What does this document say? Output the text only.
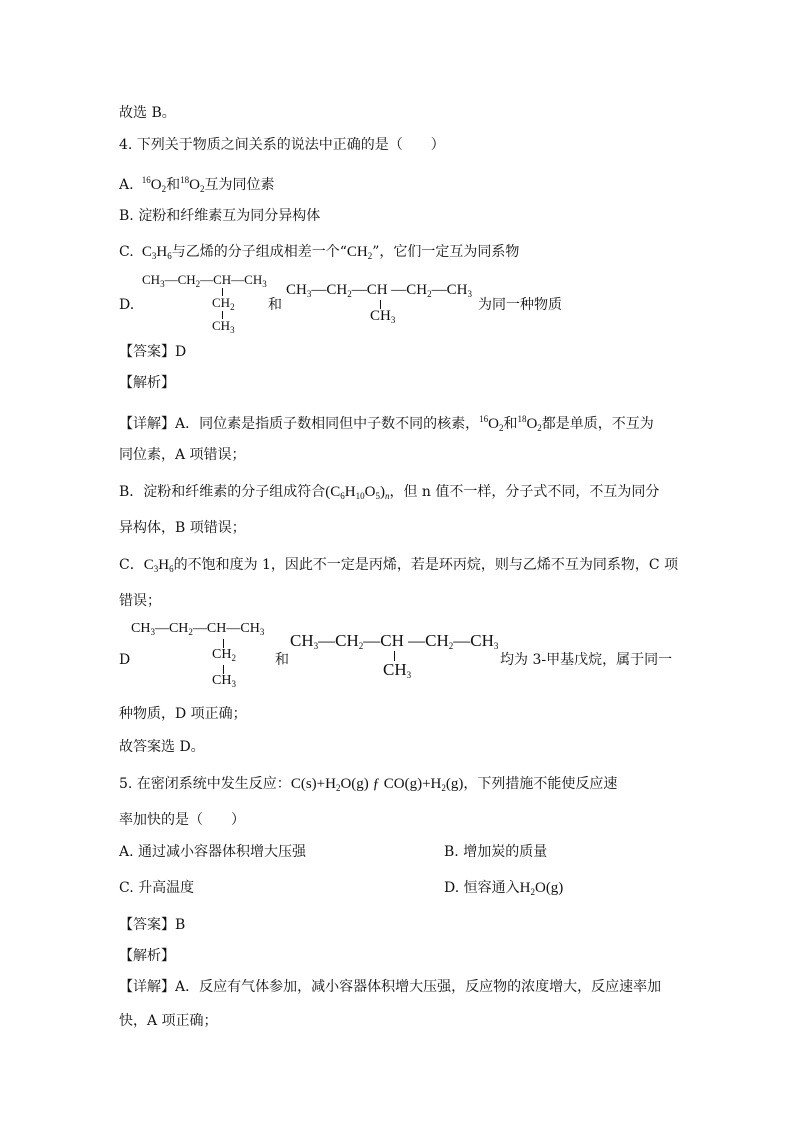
故选 B。
4. 下列关于物质之间关系的说法中正确的是（　　）
A. $^{16}O_2$和$^{18}O_2$互为同位素
B. 淀粉和纤维素互为同分异构体
C. $C_3H_6$与乙烯的分子组成相差一个“$CH_2$”，它们一定互为同系物
D.
$CH_3—CH_2—CH—CH_3$
$CH_2$
$CH_3$
和
$CH_3—CH_2—CH$ $—CH_2—CH_3$
$CH_3$
为同一种物质
【答案】D
【解析】
【详解】A．同位素是指质子数相同但中子数不同的核素，$^{16}O_2$和$^{18}O_2$都是单质，不互为
同位素，A 项错误；
B．淀粉和纤维素的分子组成符合$(C_6H_{10}O_5)_n$，但 n 值不一样，分子式不同，不互为同分
异构体，B 项错误；
C．$C_3H_6$的不饱和度为 1，因此不一定是丙烯，若是环丙烷，则与乙烯不互为同系物，C 项
错误；
D
$CH_3—CH_2—CH—CH_3$
$CH_2$
$CH_3$
和
$CH_3—CH_2—CH$ $—CH_2—CH_3$
$CH_3$
均为 3-甲基戊烷，属于同一
种物质，D 项正确；
故答案选 D。
5. 在密闭系统中发生反应：$C(s)+H_2O(g)$ ƒ $CO(g)+H_2(g)$，下列措施不能使反应速
率加快的是（　　）
A. 通过减小容器体积增大压强	B. 增加炭的质量
C. 升高温度	D. 恒容通入$H_2O(g)$
【答案】B
【解析】
【详解】A．反应有气体参加，减小容器体积增大压强，反应物的浓度增大，反应速率加
快，A 项正确；
